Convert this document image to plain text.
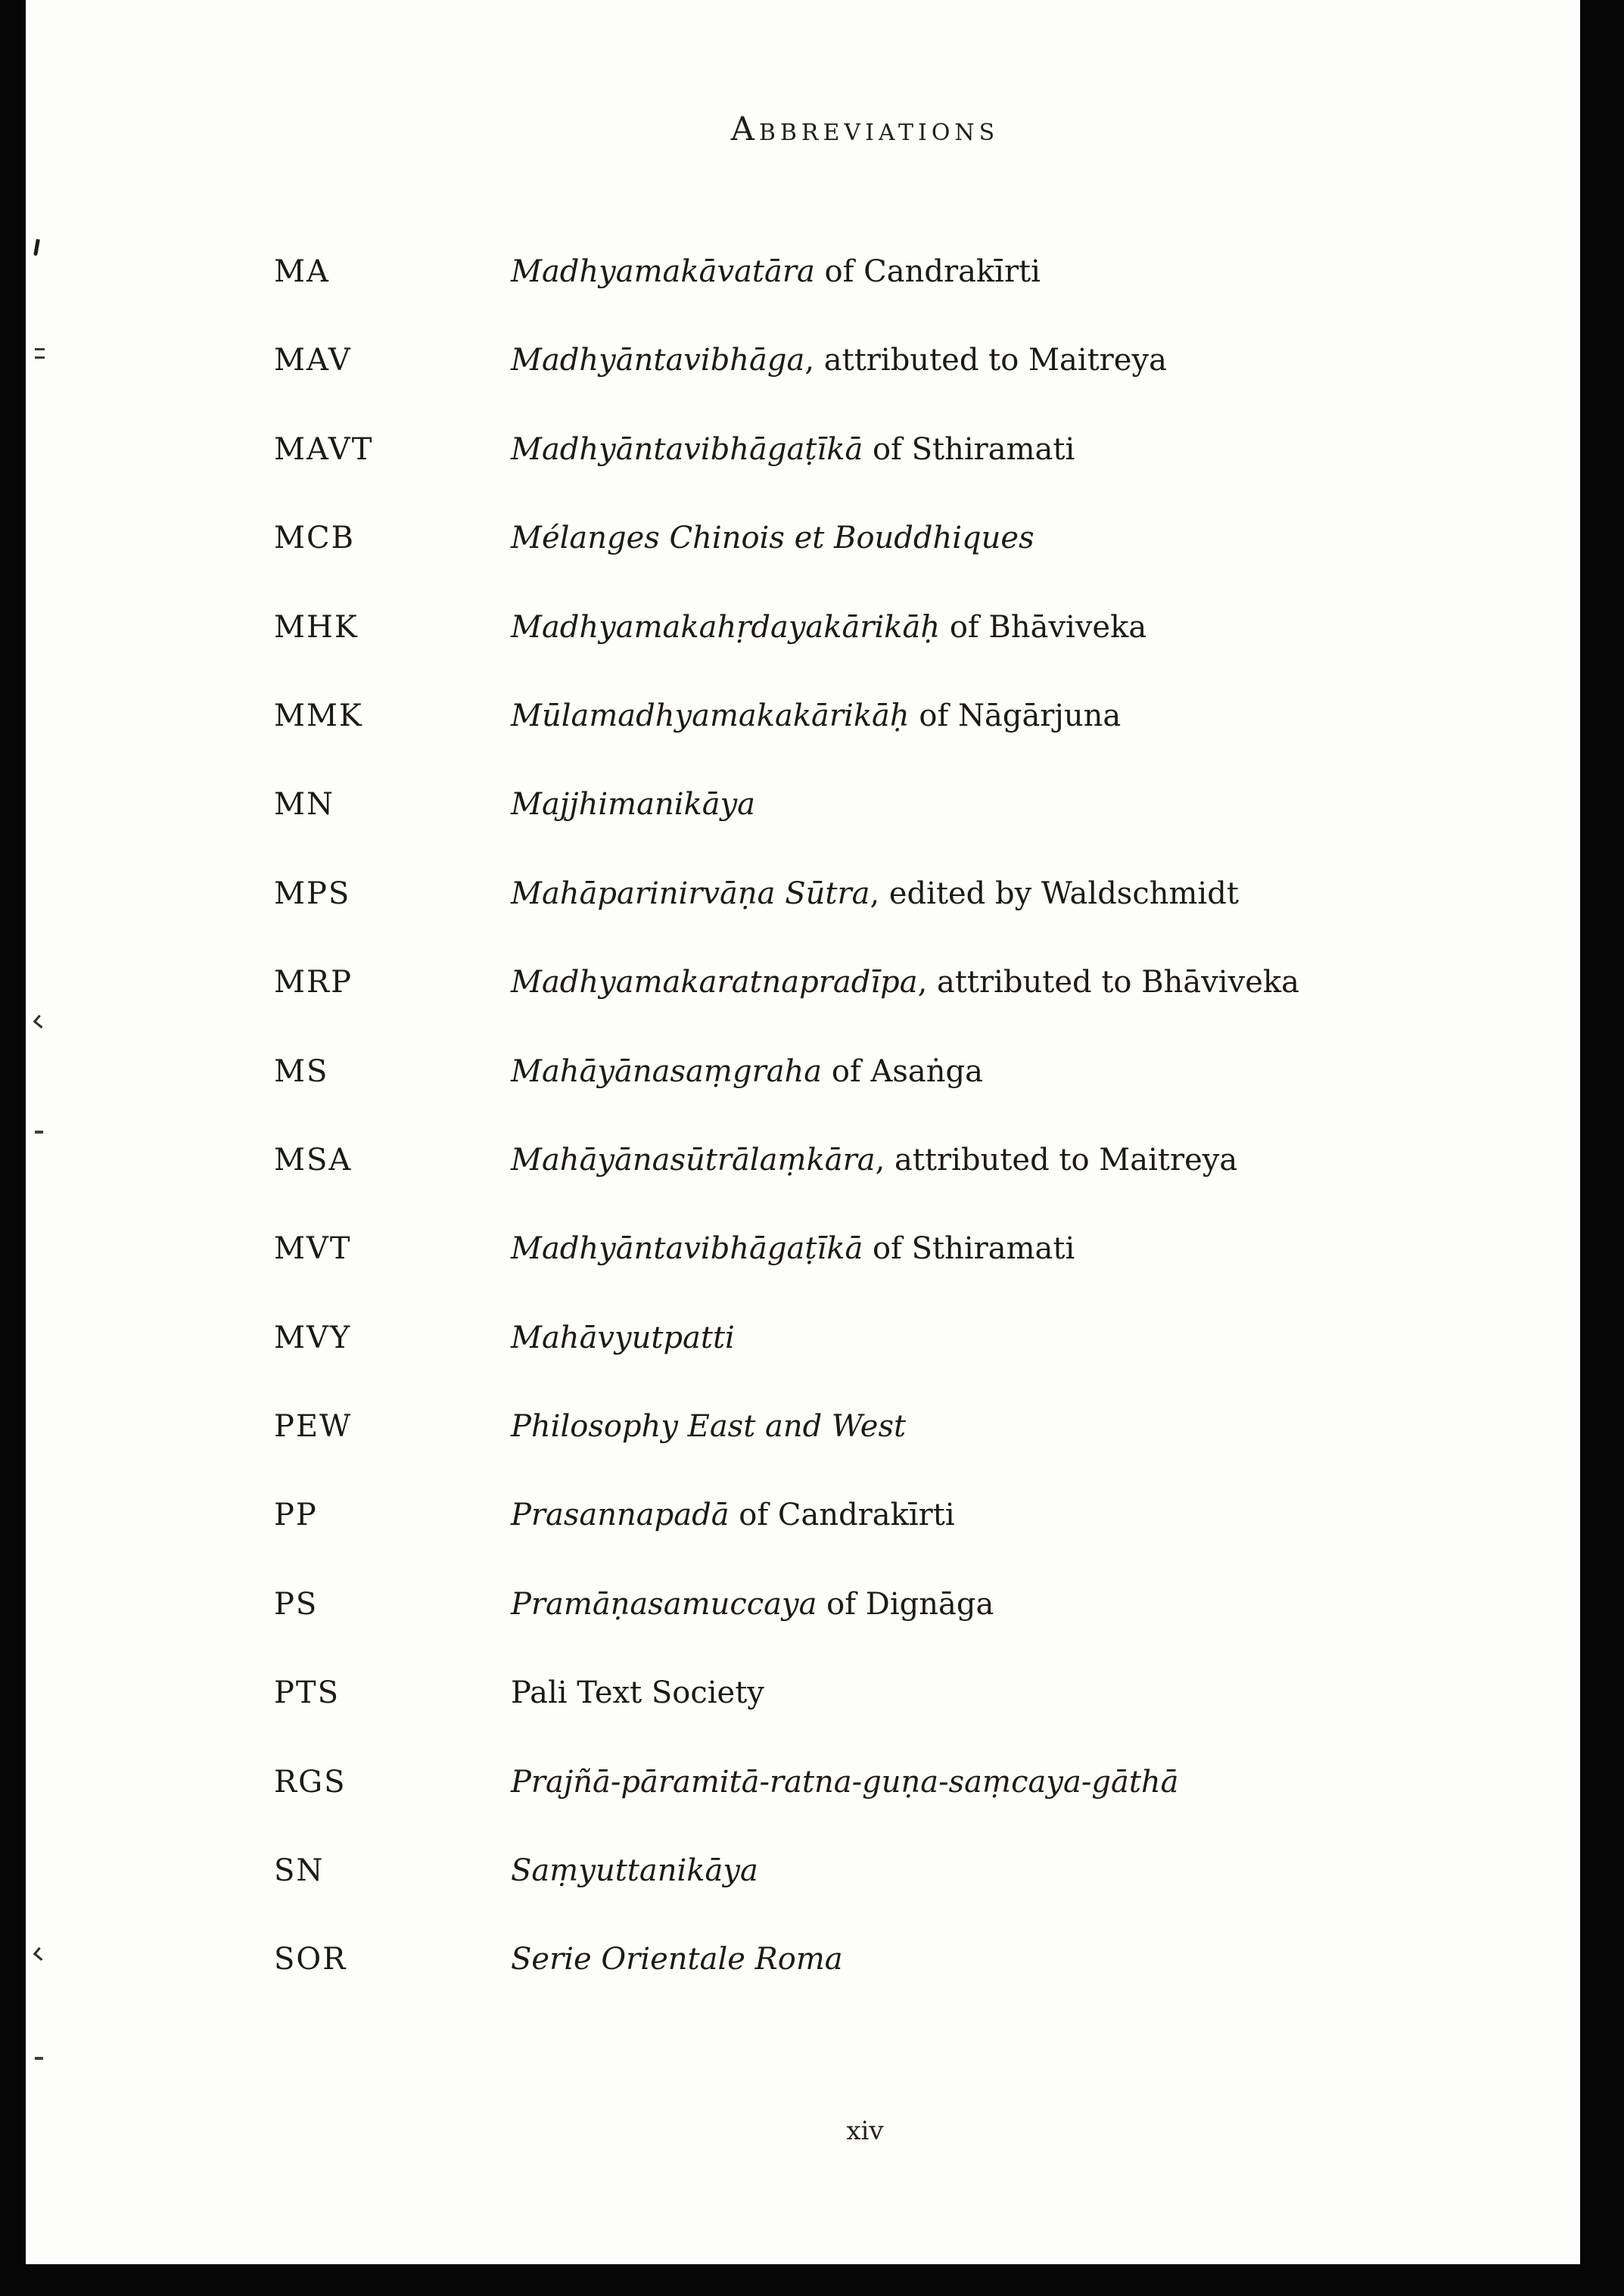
Abbreviations
MA	Madhyamakāvatāra of Candrakīrti
MAV	Madhyāntavibhāga, attributed to Maitreya
MAVT	Madhyāntavibhāgaṭīkā of Sthiramati
MCB	Mélanges Chinois et Bouddhiques
MHK	Madhyamakahṛdayakārikāḥ of Bhāviveka
MMK	Mūlamadhyamakakārikāḥ of Nāgārjuna
MN	Majjhimanikāya
MPS	Mahāparinirvāṇa Sūtra, edited by Waldschmidt
MRP	Madhyamakaratnapradīpa, attributed to Bhāviveka
MS	Mahāyānasaṃgraha of Asaṅga
MSA	Mahāyānasūtrālaṃkāra, attributed to Maitreya
MVT	Madhyāntavibhāgaṭīkā of Sthiramati
MVY	Mahāvyutpatti
PEW	Philosophy East and West
PP	Prasannapadā of Candrakīrti
PS	Pramāṇasamuccaya of Dignāga
PTS	Pali Text Society
RGS	Prajñā-pāramitā-ratna-guṇa-saṃcaya-gāthā
SN	Saṃyuttanikāya
SOR	Serie Orientale Roma
xiv
